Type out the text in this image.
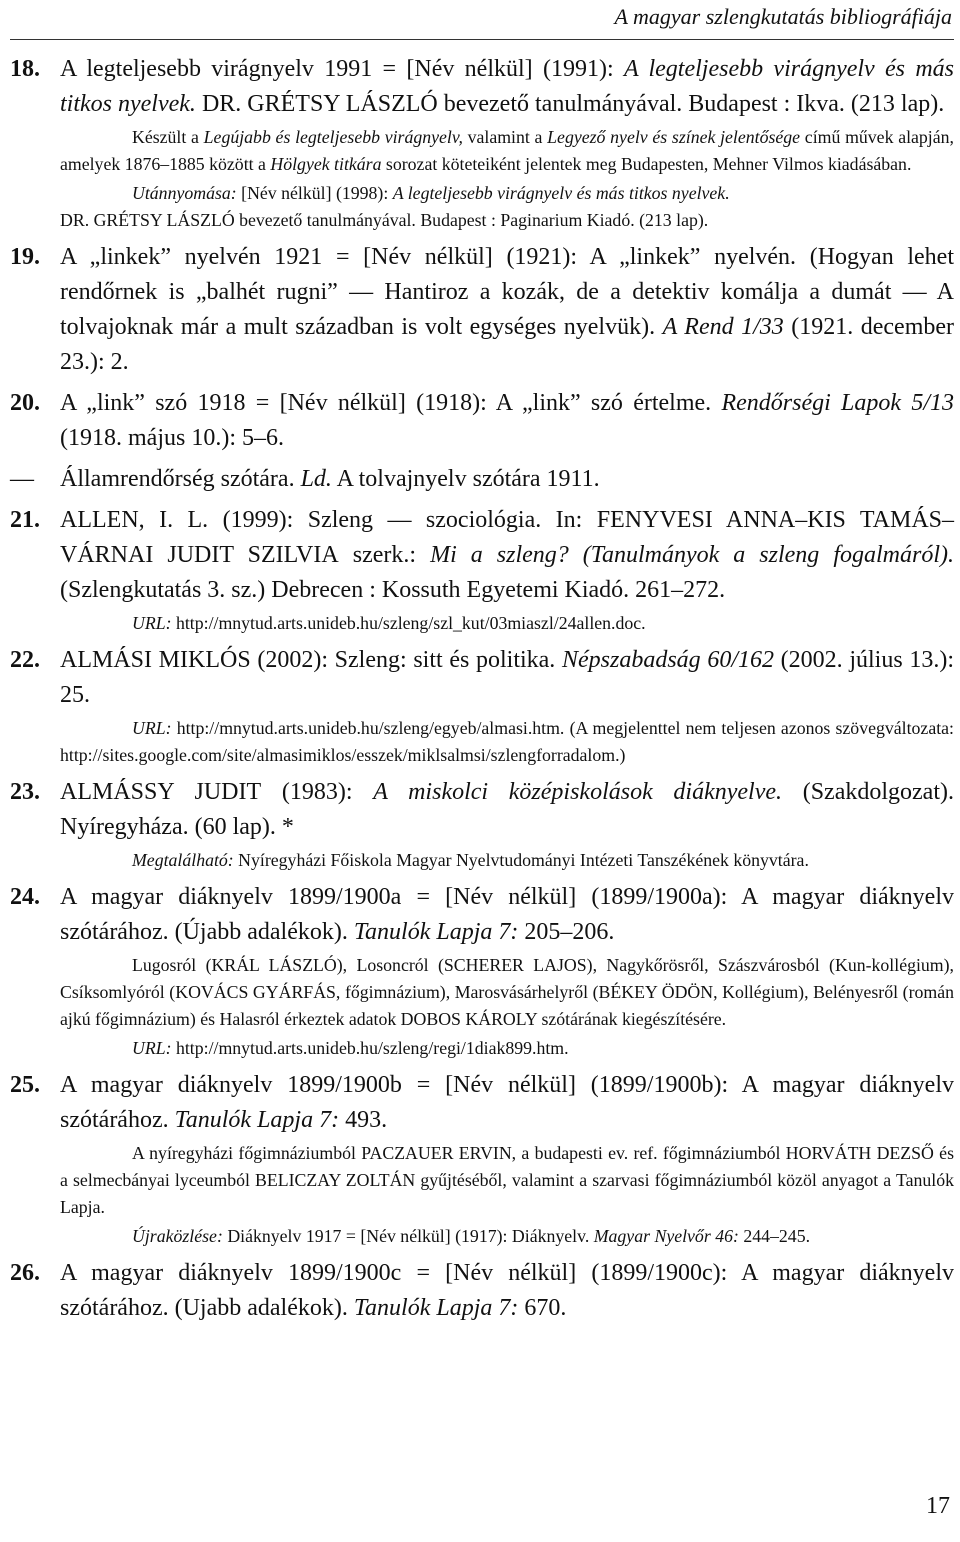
A magyar szlengkutatás bibliográfiája
18. A legteljesebb virágnyelv 1991 = [Név nélkül] (1991): A legteljesebb virágnyelv és más titkos nyelvek. DR. GRÉTSY LÁSZLÓ bevezető tanulmányával. Budapest : Ikva. (213 lap).
Készült a Legújabb és legteljesebb virágnyelv, valamint a Legyező nyelv és színek jelentősége című művek alapján, amelyek 1876–1885 között a Hölgyek titkára sorozat köteteiként jelentek meg Budapesten, Mehner Vilmos kiadásában.
Utánnyomása: [Név nélkül] (1998): A legteljesebb virágnyelv és más titkos nyelvek.
DR. GRÉTSY LÁSZLÓ bevezető tanulmányával. Budapest : Paginarium Kiadó. (213 lap).
19. A „linkek” nyelvén 1921 = [Név nélkül] (1921): A „linkek” nyelvén. (Hogyan lehet rendőrnek is „balhét rugni” — Hantiroz a kozák, de a detektiv komálja a dumát — A tolvajoknak már a mult században is volt egységes nyelvük). A Rend 1/33 (1921. december 23.): 2.
20. A „link” szó 1918 = [Név nélkül] (1918): A „link” szó értelme. Rendőrségi Lapok 5/13 (1918. május 10.): 5–6.
— Államrendőrség szótára. Ld. A tolvajnyelv szótára 1911.
21. ALLEN, I. L. (1999): Szleng — szociológia. In: FENYVESI ANNA–KIS TAMÁS–VÁRNAI JUDIT SZILVIA szerk.: Mi a szleng? (Tanulmányok a szleng fogalmáról). (Szlengkutatás 3. sz.) Debrecen : Kossuth Egyetemi Kiadó. 261–272.
URL: http://mnytud.arts.unideb.hu/szleng/szl_kut/03miaszl/24allen.doc.
22. ALMÁSI MIKLÓS (2002): Szleng: sitt és politika. Népszabadság 60/162 (2002. július 13.): 25.
URL: http://mnytud.arts.unideb.hu/szleng/egyeb/almasi.htm. (A megjelenttel nem teljesen azonos szövegváltozata: http://sites.google.com/site/almasimiklos/esszek/miklsalmsi/szlengforradalom.)
23. ALMÁSSY JUDIT (1983): A miskolci középiskolások diáknyelve. (Szakdolgozat). Nyíregyháza. (60 lap). *
Megtalálható: Nyíregyházi Főiskola Magyar Nyelvtudományi Intézeti Tanszékének könyvtára.
24. A magyar diáknyelv 1899/1900a = [Név nélkül] (1899/1900a): A magyar diáknyelv szótárához. (Újabb adalékok). Tanulók Lapja 7: 205–206.
Lugosról (KRÁL LÁSZLÓ), Losoncról (SCHERER LAJOS), Nagykőrösről, Szászvárosból (Kun-kollégium), Csíksomlyóról (KOVÁCS GYÁRFÁS, főgimnázium), Marosvásárhelyről (BÉKEY ÖDÖN, Kollégium), Belényesről (román ajkú főgimnázium) és Halasról érkeztek adatok DOBOS KÁROLY szótárának kiegészítésére.
URL: http://mnytud.arts.unideb.hu/szleng/regi/1diak899.htm.
25. A magyar diáknyelv 1899/1900b = [Név nélkül] (1899/1900b): A magyar diáknyelv szótárához. Tanulók Lapja 7: 493.
A nyíregyházi főgimnáziumból PACZAUER ERVIN, a budapesti ev. ref. főgimnáziumból HORVÁTH DEZSŐ és a selmecbányai lyceumból BELICZAY ZOLTÁN gyűjtéséből, valamint a szarvasi főgimnáziumból közöl anyagot a Tanulók Lapja.
Újraközlése: Diáknyelv 1917 = [Név nélkül] (1917): Diáknyelv. Magyar Nyelvőr 46: 244–245.
26. A magyar diáknyelv 1899/1900c = [Név nélkül] (1899/1900c): A magyar diáknyelv szótárához. (Ujabb adalékok). Tanulók Lapja 7: 670.
17
